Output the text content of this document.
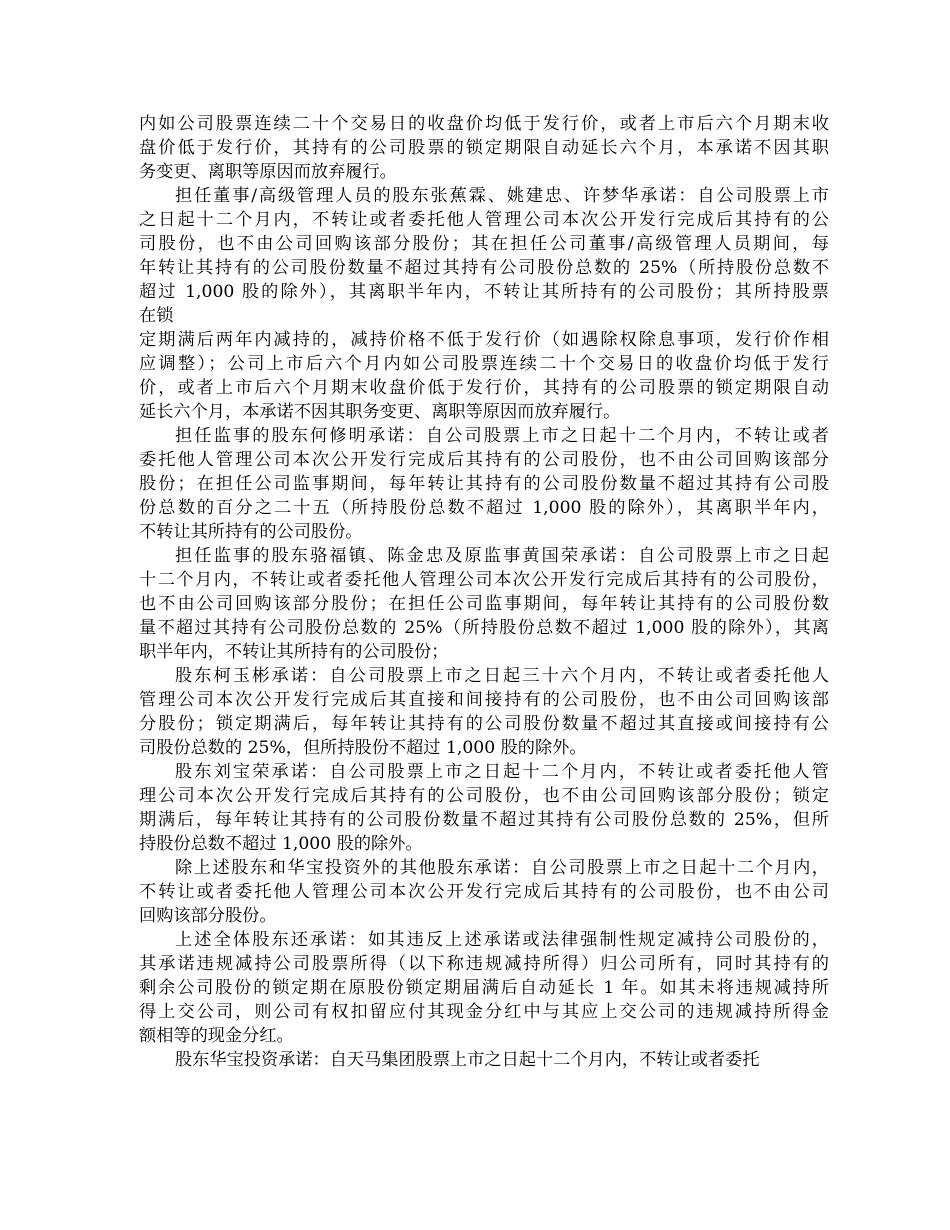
内如公司股票连续二十个交易日的收盘价均低于发行价，或者上市后六个月期末收
盘价低于发行价，其持有的公司股票的锁定期限自动延长六个月，本承诺不因其职
务变更、离职等原因而放弃履行。
担任董事/高级管理人员的股东张蕉霖、姚建忠、许梦华承诺：自公司股票上市
之日起十二个月内，不转让或者委托他人管理公司本次公开发行完成后其持有的公
司股份，也不由公司回购该部分股份；其在担任公司董事/高级管理人员期间，每
年转让其持有的公司股份数量不超过其持有公司股份总数的 25%（所持股份总数不
超过 1,000 股的除外），其离职半年内，不转让其所持有的公司股份；其所持股票
在锁
定期满后两年内减持的，减持价格不低于发行价（如遇除权除息事项，发行价作相
应调整）；公司上市后六个月内如公司股票连续二十个交易日的收盘价均低于发行
价，或者上市后六个月期末收盘价低于发行价，其持有的公司股票的锁定期限自动
延长六个月，本承诺不因其职务变更、离职等原因而放弃履行。
担任监事的股东何修明承诺：自公司股票上市之日起十二个月内，不转让或者
委托他人管理公司本次公开发行完成后其持有的公司股份，也不由公司回购该部分
股份；在担任公司监事期间，每年转让其持有的公司股份数量不超过其持有公司股
份总数的百分之二十五（所持股份总数不超过 1,000 股的除外），其离职半年内，
不转让其所持有的公司股份。
担任监事的股东骆福镇、陈金忠及原监事黄国荣承诺：自公司股票上市之日起
十二个月内，不转让或者委托他人管理公司本次公开发行完成后其持有的公司股份，
也不由公司回购该部分股份；在担任公司监事期间，每年转让其持有的公司股份数
量不超过其持有公司股份总数的 25%（所持股份总数不超过 1,000 股的除外），其离
职半年内，不转让其所持有的公司股份；
股东柯玉彬承诺：自公司股票上市之日起三十六个月内，不转让或者委托他人
管理公司本次公开发行完成后其直接和间接持有的公司股份，也不由公司回购该部
分股份；锁定期满后，每年转让其持有的公司股份数量不超过其直接或间接持有公
司股份总数的 25%，但所持股份不超过 1,000 股的除外。
股东刘宝荣承诺：自公司股票上市之日起十二个月内，不转让或者委托他人管
理公司本次公开发行完成后其持有的公司股份，也不由公司回购该部分股份；锁定
期满后，每年转让其持有的公司股份数量不超过其持有公司股份总数的 25%，但所
持股份总数不超过 1,000 股的除外。
除上述股东和华宝投资外的其他股东承诺：自公司股票上市之日起十二个月内，
不转让或者委托他人管理公司本次公开发行完成后其持有的公司股份，也不由公司
回购该部分股份。
上述全体股东还承诺：如其违反上述承诺或法律强制性规定减持公司股份的，
其承诺违规减持公司股票所得（以下称违规减持所得）归公司所有，同时其持有的
剩余公司股份的锁定期在原股份锁定期届满后自动延长 1 年。如其未将违规减持所
得上交公司，则公司有权扣留应付其现金分红中与其应上交公司的违规减持所得金
额相等的现金分红。
股东华宝投资承诺：自天马集团股票上市之日起十二个月内，不转让或者委托
